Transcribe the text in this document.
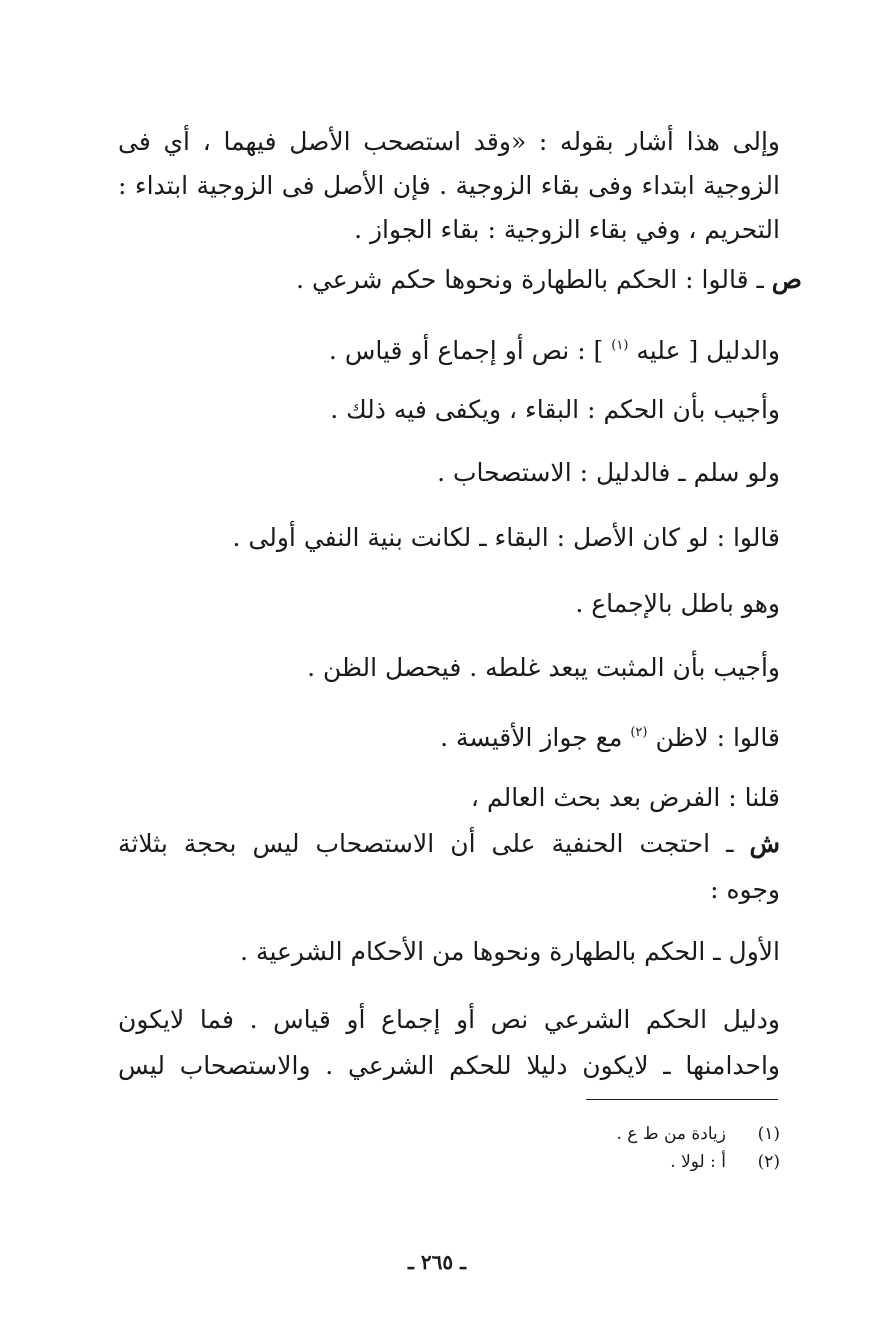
وإلى هذا أشار بقوله : «وقد استصحب الأصل فيهما ، أي فى
الزوجية ابتداء وفى بقاء الزوجية . فإن الأصل فى الزوجية ابتداء :
التحريم ، وفي بقاء الزوجية : بقاء الجواز .
ص ـ قالوا : الحكم بالطهارة ونحوها حكم شرعي .
والدليل [ عليه $^{(١)}$ ] : نص أو إجماع أو قياس .
وأجيب بأن الحكم : البقاء ، ويكفى فيه ذلك .
ولو سلم ـ فالدليل : الاستصحاب .
قالوا : لو كان الأصل : البقاء ـ لكانت بنية النفي أولى .
وهو باطل بالإجماع .
وأجيب بأن المثبت يبعد غلطه . فيحصل الظن .
قالوا : لاظن $^{(٢)}$ مع جواز الأقيسة .
قلنا : الفرض بعد بحث العالم ،
ش ـ احتجت الحنفية على أن الاستصحاب ليس بحجة بثلاثة
وجوه :
الأول ـ الحكم بالطهارة ونحوها من الأحكام الشرعية .
ودليل الحكم الشرعي نص أو إجماع أو قياس . فما لايكون
واحدامنها ـ لايكون دليلا للحكم الشرعي . والاستصحاب ليس
(١)زيادة من ط ع .
(٢)أ : لولا .
ـ ٢٦٥ ـ
